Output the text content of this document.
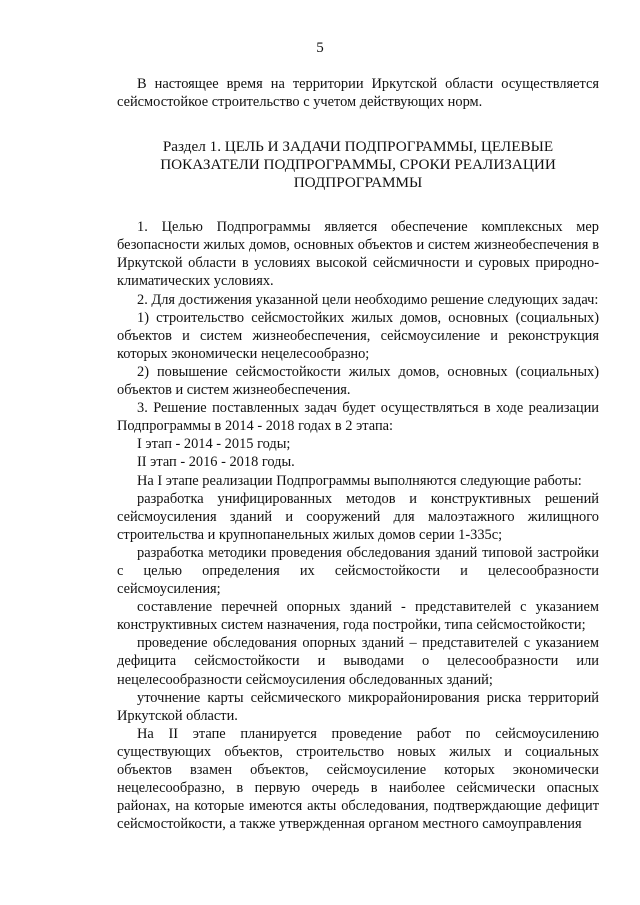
5

В настоящее время на территории Иркутской области осуществляется сейсмостойкое строительство с учетом действующих норм.

Раздел 1. ЦЕЛЬ И ЗАДАЧИ ПОДПРОГРАММЫ, ЦЕЛЕВЫЕ
ПОКАЗАТЕЛИ ПОДПРОГРАММЫ, СРОКИ РЕАЛИЗАЦИИ
ПОДПРОГРАММЫ

1. Целью Подпрограммы является обеспечение комплексных мер безопасности жилых домов, основных объектов и систем жизнеобеспечения в Иркутской области в условиях высокой сейсмичности и суровых природно-климатических условиях.

2. Для достижения указанной цели необходимо решение следующих задач:

1) строительство сейсмостойких жилых домов, основных (социальных) объектов и систем жизнеобеспечения, сейсмоусиление и реконструкция которых экономически нецелесообразно;

2) повышение сейсмостойкости жилых домов, основных (социальных) объектов и систем жизнеобеспечения.

3. Решение поставленных задач будет осуществляться в ходе реализации Подпрограммы в 2014 - 2018 годах в 2 этапа:

I этап - 2014 - 2015 годы;

II этап - 2016 - 2018 годы.

На I этапе реализации Подпрограммы выполняются следующие работы:

разработка унифицированных методов и конструктивных решений сейсмоусиления зданий и сооружений для малоэтажного жилищного строительства и крупнопанельных жилых домов серии 1-335с;

разработка методики проведения обследования зданий типовой застройки с целью определения их сейсмостойкости и целесообразности сейсмоусиления;

составление перечней опорных зданий - представителей с указанием конструктивных систем назначения, года постройки, типа сейсмостойкости;

проведение обследования опорных зданий – представителей с указанием дефицита сейсмостойкости и выводами о целесообразности или нецелесообразности сейсмоусиления обследованных зданий;

уточнение карты сейсмического микрорайонирования риска территорий Иркутской области.

На II этапе планируется проведение работ по сейсмоусилению существующих объектов, строительство новых жилых и социальных объектов взамен объектов, сейсмоусиление которых экономически нецелесообразно, в первую очередь в наиболее сейсмически опасных районах, на которые имеются акты обследования, подтверждающие дефицит сейсмостойкости, а также утвержденная органом местного самоуправления
